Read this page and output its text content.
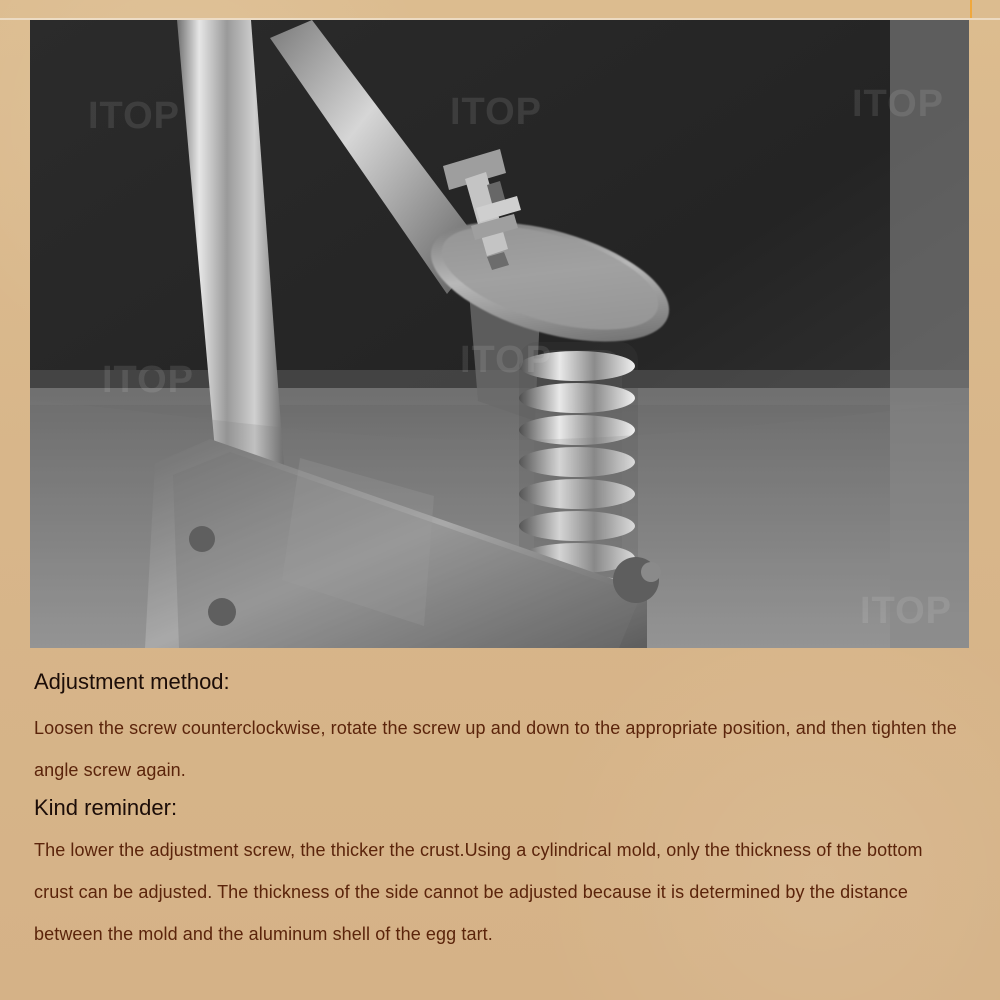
ITOP	ITOP	ITOP
ITOP	ITOP
ITOP
Adjustment method:

Loosen the screw counterclockwise, rotate the screw up and down to the appropriate position, and then tighten the angle screw again.

Kind reminder:

The lower the adjustment screw, the thicker the crust.Using a cylindrical mold, only the thickness of the bottom crust can be adjusted. The thickness of the side cannot be adjusted because it is determined by the distance between the mold and the aluminum shell of the egg tart.
